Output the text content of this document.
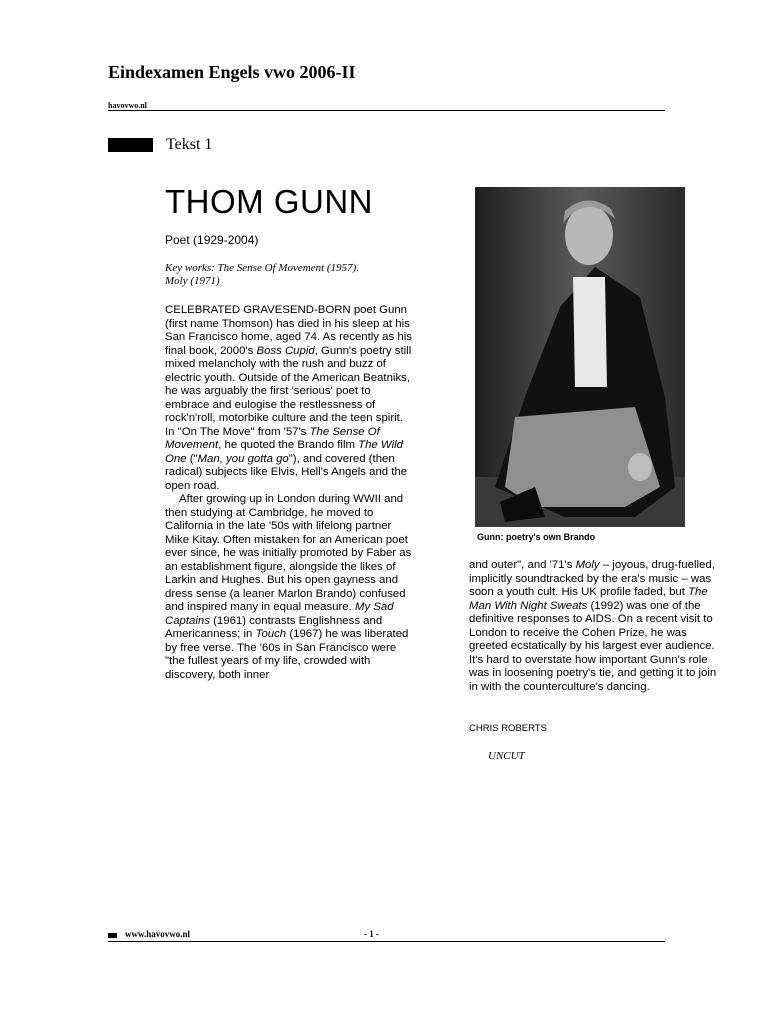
Eindexamen Engels vwo 2006-II
havovwo.nl
Tekst 1
THOM GUNN
Poet (1929-2004)
Key works: The Sense Of Movement (1957).
Moly (1971)

CELEBRATED GRAVESEND-BORN poet Gunn (first name Thomson) has died in his sleep at his San Francisco home, aged 74. As recently as his final book, 2000's Boss Cupid, Gunn's poetry still mixed melancholy with the rush and buzz of electric youth. Outside of the American Beatniks, he was arguably the first 'serious' poet to embrace and eulogise the restlessness of rock'n'roll, motorbike culture and the teen spirit. In "On The Move" from '57's The Sense Of Movement, he quoted the Brando film The Wild One ("Man, you gotta go"), and covered (then radical) subjects like Elvis, Hell's Angels and the open road.

After growing up in London during WWII and then studying at Cambridge, he moved to California in the late '50s with lifelong partner Mike Kitay. Often mistaken for an American poet ever since, he was initially promoted by Faber as an establishment figure, alongside the likes of Larkin and Hughes. But his open gayness and dress sense (a leaner Marlon Brando) confused and inspired many in equal measure. My Sad Captains (1961) contrasts Englishness and Americanness; in Touch (1967) he was liberated by free verse. The '60s in San Francisco were "the fullest years of my life, crowded with discovery, both inner

Gunn: poetry's own Brando

and outer", and '71's Moly – joyous, drug-fuelled, implicitly soundtracked by the era's music – was soon a youth cult. His UK profile faded, but The Man With Night Sweats (1992) was one of the definitive responses to AIDS. On a recent visit to London to receive the Cohen Prize, he was greeted ecstatically by his largest ever audience. It's hard to overstate how important Gunn's role was in loosening poetry's tie, and getting it to join in with the counterculture's dancing.

CHRIS ROBERTS
UNCUT
www.havovwo.nl	- 1 -
